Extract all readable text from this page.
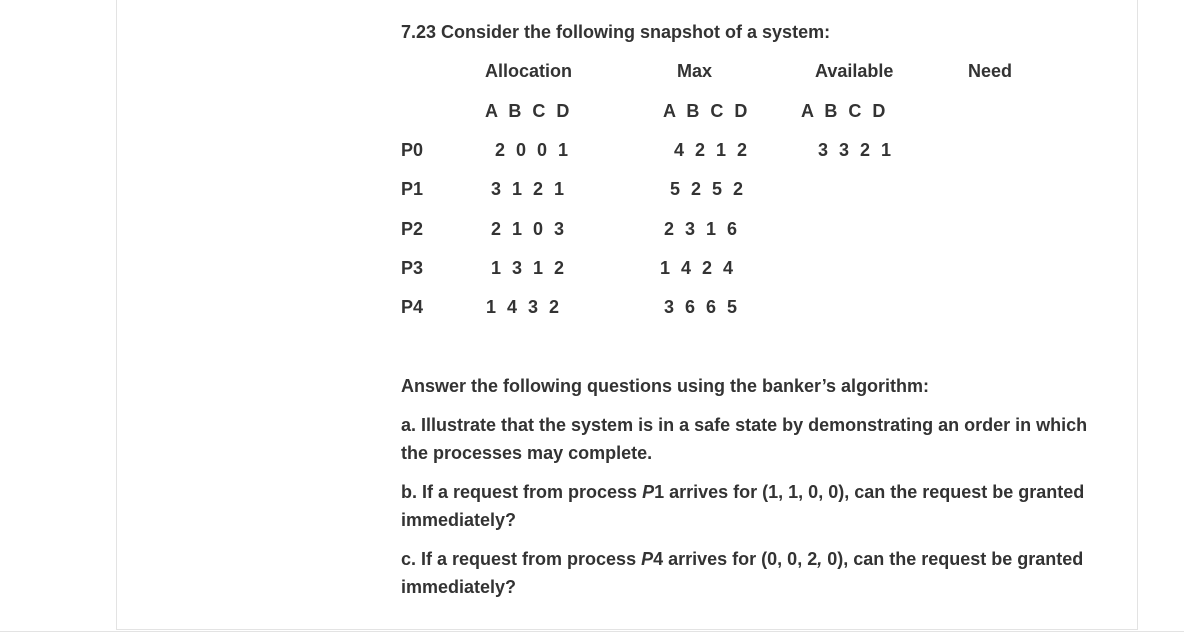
7.23 Consider the following snapshot of a system:
Allocation	Max	Available	Need
A B C D	A B C D	A B C D
P0	2 0 0 1	4 2 1 2	3 3 2 1
P1	3 1 2 1	5 2 5 2
P2	2 1 0 3	2 3 1 6
P3	1 3 1 2	1 4 2 4
P4	1 4 3 2	3 6 6 5
Answer the following questions using the banker’s algorithm:
a. Illustrate that the system is in a safe state by demonstrating an order in which the processes may complete.
b. If a request from process P1 arrives for (1, 1, 0, 0), can the request be granted immediately?
c. If a request from process P4 arrives for (0, 0, 2, 0), can the request be granted immediately?
